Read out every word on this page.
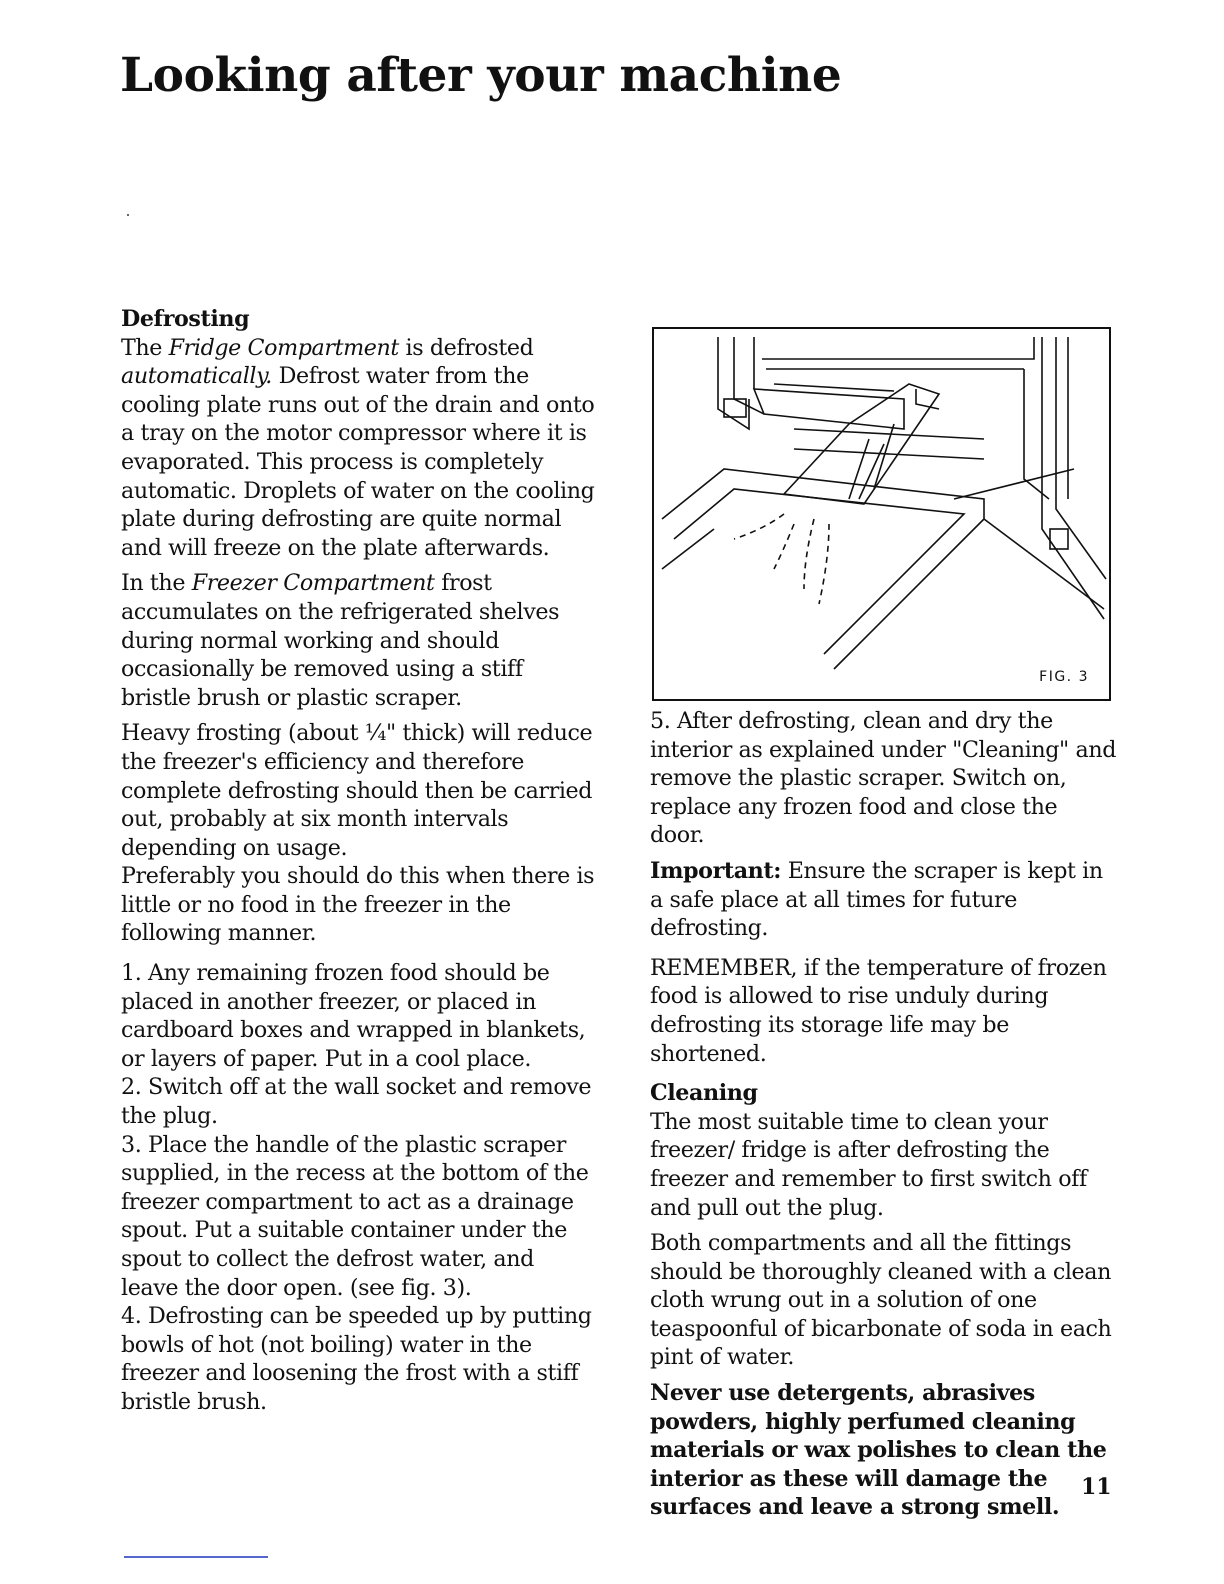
Looking after your machine
Defrosting

The Fridge Compartment is defrosted automatically. Defrost water from the cooling plate runs out of the drain and onto a tray on the motor compressor where it is evaporated. This process is completely automatic. Droplets of water on the cooling plate during defrosting are quite normal and will freeze on the plate afterwards.

In the Freezer Compartment frost accumulates on the refrigerated shelves during normal working and should occasionally be removed using a stiff bristle brush or plastic scraper.

Heavy frosting (about ¼" thick) will reduce the freezer's efficiency and therefore complete defrosting should then be carried out, probably at six month intervals depending on usage.

Preferably you should do this when there is little or no food in the freezer in the following manner.

1. Any remaining frozen food should be placed in another freezer, or placed in cardboard boxes and wrapped in blankets, or layers of paper. Put in a cool place.

2. Switch off at the wall socket and remove the plug.

3. Place the handle of the plastic scraper supplied, in the recess at the bottom of the freezer compartment to act as a drainage spout. Put a suitable container under the spout to collect the defrost water, and leave the door open. (see fig. 3).

4. Defrosting can be speeded up by putting bowls of hot (not boiling) water in the freezer and loosening the frost with a stiff bristle brush.

FIG. 3

5. After defrosting, clean and dry the interior as explained under "Cleaning" and remove the plastic scraper. Switch on, replace any frozen food and close the door.

Important: Ensure the scraper is kept in a safe place at all times for future defrosting.

REMEMBER, if the temperature of frozen food is allowed to rise unduly during defrosting its storage life may be shortened.

Cleaning

The most suitable time to clean your freezer/ fridge is after defrosting the freezer and remember to first switch off and pull out the plug.

Both compartments and all the fittings should be thoroughly cleaned with a clean cloth wrung out in a solution of one teaspoonful of bicarbonate of soda in each pint of water.

Never use detergents, abrasives powders, highly perfumed cleaning materials or wax polishes to clean the interior as these will damage the surfaces and leave a strong smell.

11
